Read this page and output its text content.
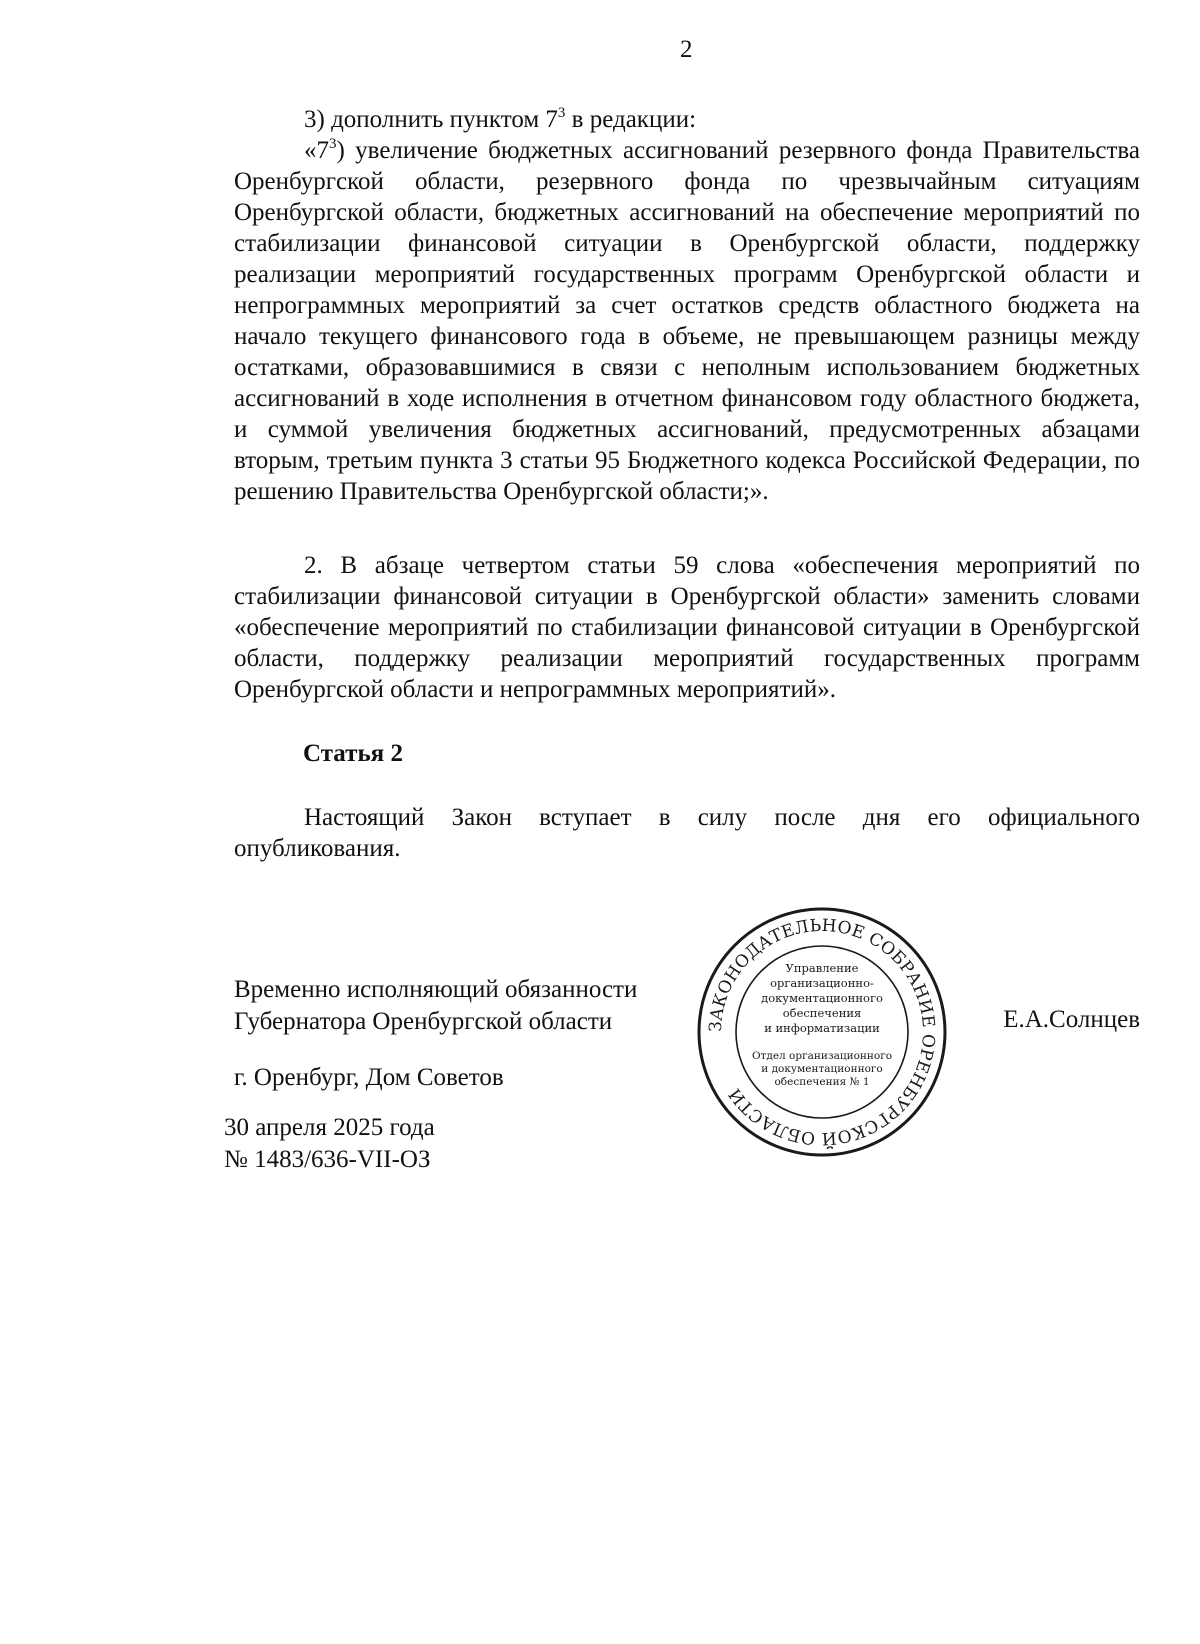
2

3) дополнить пунктом $7^3$ в редакции:

«$7^3$) увеличение бюджетных ассигнований резервного фонда Правительства Оренбургской области, резервного фонда по чрезвычайным ситуациям Оренбургской области, бюджетных ассигнований на обеспечение мероприятий по стабилизации финансовой ситуации в Оренбургской области, поддержку реализации мероприятий государственных программ Оренбургской области и непрограммных мероприятий за счет остатков средств областного бюджета на начало текущего финансового года в объеме, не превышающем разницы между остатками, образовавшимися в связи с неполным использованием бюджетных ассигнований в ходе исполнения в отчетном финансовом году областного бюджета, и суммой увеличения бюджетных ассигнований, предусмотренных абзацами вторым, третьим пункта 3 статьи 95 Бюджетного кодекса Российской Федерации, по решению Правительства Оренбургской области;».

2. В абзаце четвертом статьи 59 слова «обеспечения мероприятий по стабилизации финансовой ситуации в Оренбургской области» заменить словами «обеспечение мероприятий по стабилизации финансовой ситуации в Оренбургской области, поддержку реализации мероприятий государственных программ Оренбургской области и непрограммных мероприятий».

Статья 2

Настоящий Закон вступает в силу после дня его официального опубликования.

Временно исполняющий обязанности
Губернатора Оренбургской области	Е.А.Солнцев
г. Оренбург, Дом Советов
30 апреля 2025 года
№ 1483/636-VII-ОЗ
ЗАКОНОДАТЕЛЬНОЕ СОБРАНИЕ ОРЕНБУРГСКОЙ ОБЛАСТИ
Управление
организационно-
документационного
обеспечения
и информатизации
Отдел организационного
и документационного
обеспечения № 1
